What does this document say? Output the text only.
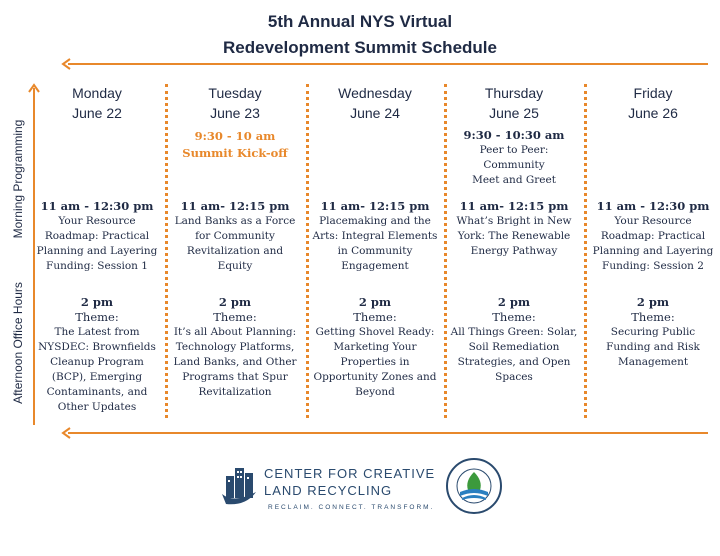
5th Annual NYS Virtual
Redevelopment Summit Schedule
Morning Programming
Afternoon Office Hours
Monday
June 22
11 am - 12:30 pm
Your Resource
Roadmap: Practical
Planning and Layering
Funding: Session 1
2 pm
Theme:
The Latest from
NYSDEC: Brownfields
Cleanup Program
(BCP), Emerging
Contaminants, and
Other Updates
Tuesday
June 23
9:30 - 10 am
Summit Kick-off
11 am- 12:15 pm
Land Banks as a Force
for Community
Revitalization and
Equity
2 pm
Theme:
It’s all About Planning:
Technology Platforms,
Land Banks, and Other
Programs that Spur
Revitalization
Wednesday
June 24
11 am- 12:15 pm
Placemaking and the
Arts: Integral Elements
in Community
Engagement
2 pm
Theme:
Getting Shovel Ready:
Marketing Your
Properties in
Opportunity Zones and
Beyond
Thursday
June 25
9:30 - 10:30 am
Peer to Peer: Community
Meet and Greet
11 am- 12:15 pm
What’s Bright in New
York: The Renewable
Energy Pathway
2 pm
Theme:
All Things Green: Solar,
Soil Remediation
Strategies, and Open
Spaces
Friday
June 26
11 am - 12:30 pm
Your Resource
Roadmap: Practical
Planning and Layering
Funding: Session 2
2 pm
Theme:
Securing Public
Funding and Risk
Management
CENTER FOR CREATIVE
LAND RECYCLING
RECLAIM. CONNECT. TRANSFORM.
